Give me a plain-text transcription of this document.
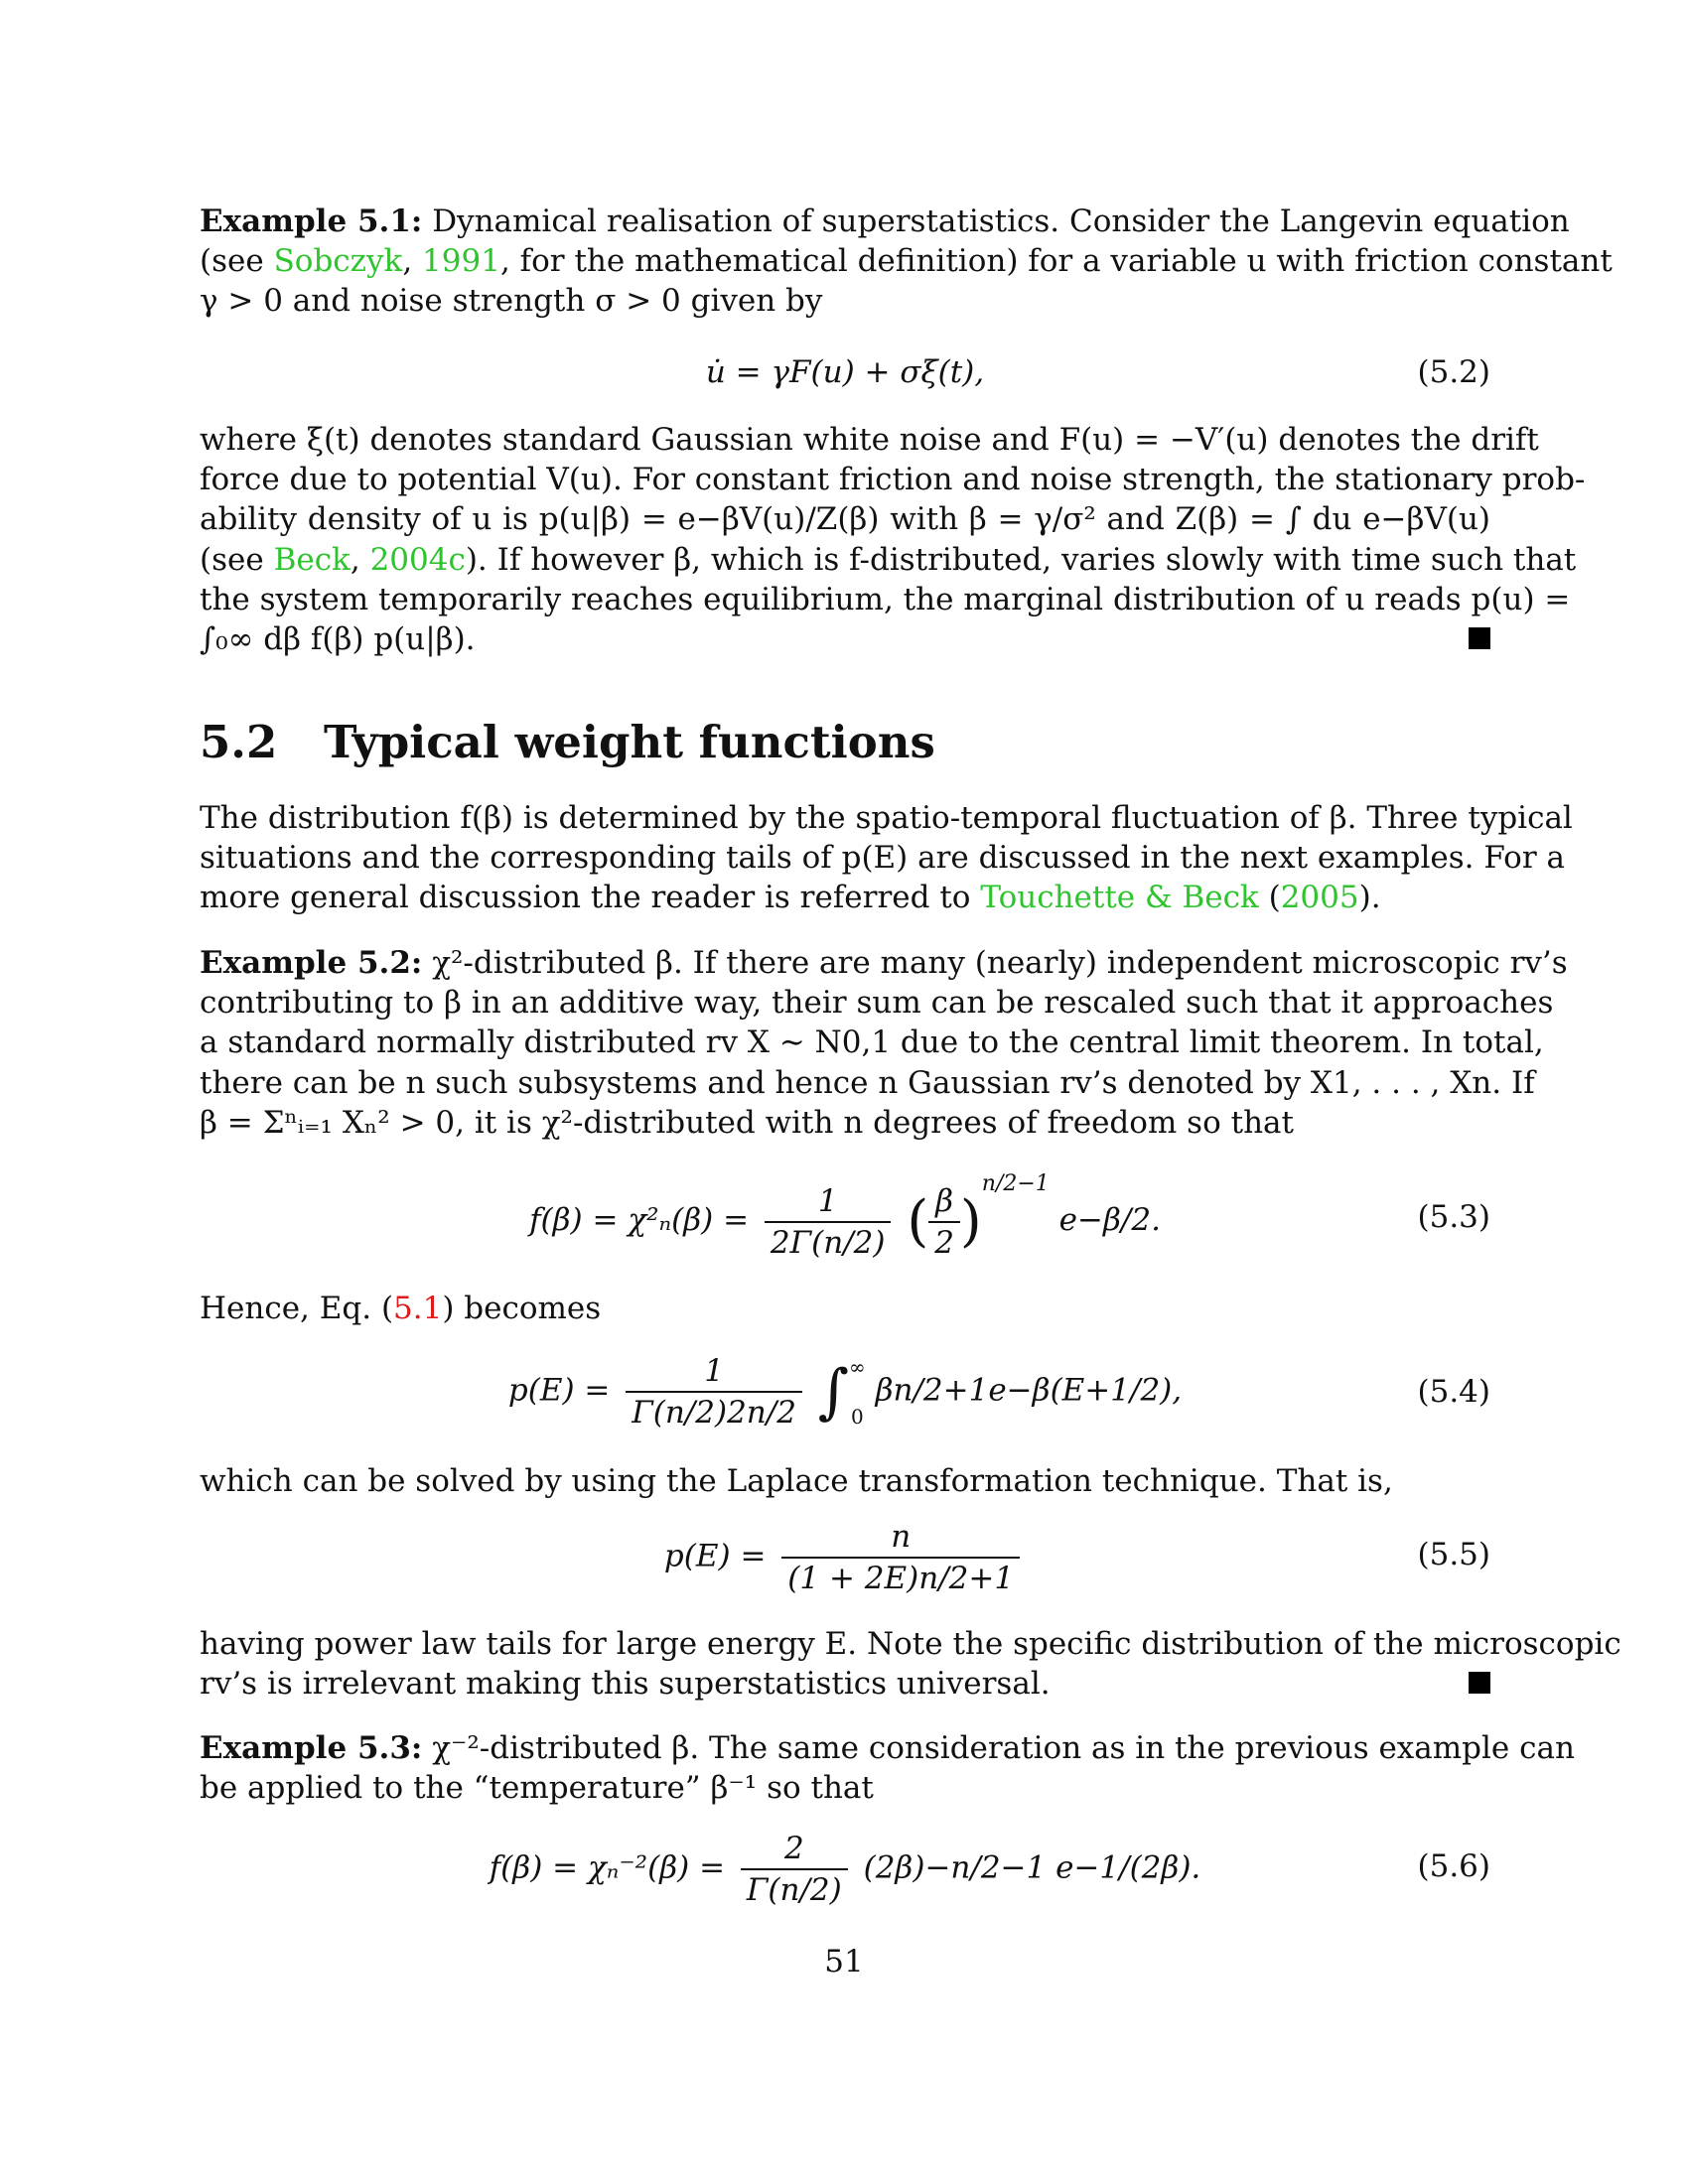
Example 5.1: Dynamical realisation of superstatistics. Consider the Langevin equation
(see Sobczyk, 1991, for the mathematical definition) for a variable u with friction constant
γ > 0 and noise strength σ > 0 given by
u̇ = γF(u) + σξ(t),	(5.2)
where ξ(t) denotes standard Gaussian white noise and F(u) = −V′(u) denotes the drift
force due to potential V(u). For constant friction and noise strength, the stationary prob-
ability density of u is p(u|β) = e−βV(u)/Z(β) with β = γ/σ² and Z(β) = ∫ du e−βV(u)
(see Beck, 2004c). If however β, which is f-distributed, varies slowly with time such that
the system temporarily reaches equilibrium, the marginal distribution of u reads p(u) =
∫₀∞ dβ f(β) p(u|β).
5.2 Typical weight functions
The distribution f(β) is determined by the spatio-temporal fluctuation of β. Three typical
situations and the corresponding tails of p(E) are discussed in the next examples. For a
more general discussion the reader is referred to Touchette & Beck (2005).
Example 5.2: χ²-distributed β. If there are many (nearly) independent microscopic rv’s
contributing to β in an additive way, their sum can be rescaled such that it approaches
a standard normally distributed rv X ∼ N0,1 due to the central limit theorem. In total,
there can be n such subsystems and hence n Gaussian rv’s denoted by X1, . . . , Xn. If
β = Σⁿᵢ₌₁ Xₙ² > 0, it is χ²-distributed with n degrees of freedom so that
$f(\beta) = \chi^2_n(\beta) = \frac{1}{2\Gamma(n/2)}$ ( $\frac{\beta}{2} )^{n/2-1}$ e−β/2.	(5.3)
Hence, Eq. (5.1) becomes
$p(E) = \frac{1}{\Gamma(n/2)2n/2}$ ∫ ∞
0
βn/2+1e−β(E+1/2),	(5.4)
which can be solved by using the Laplace transformation technique. That is,
$p(E) = \frac{n}{(1 + 2E)n/2+1}$	(5.5)
having power law tails for large energy E. Note the specific distribution of the microscopic
rv’s is irrelevant making this superstatistics universal.
Example 5.3: χ⁻²-distributed β. The same consideration as in the previous example can
be applied to the “temperature” β⁻¹ so that
$f(\beta) = \chi_n^{-2}(\beta) = \frac{2}{\Gamma(n/2)} (2\beta)-n/2-1$ e−1/(2β).	(5.6)
51
